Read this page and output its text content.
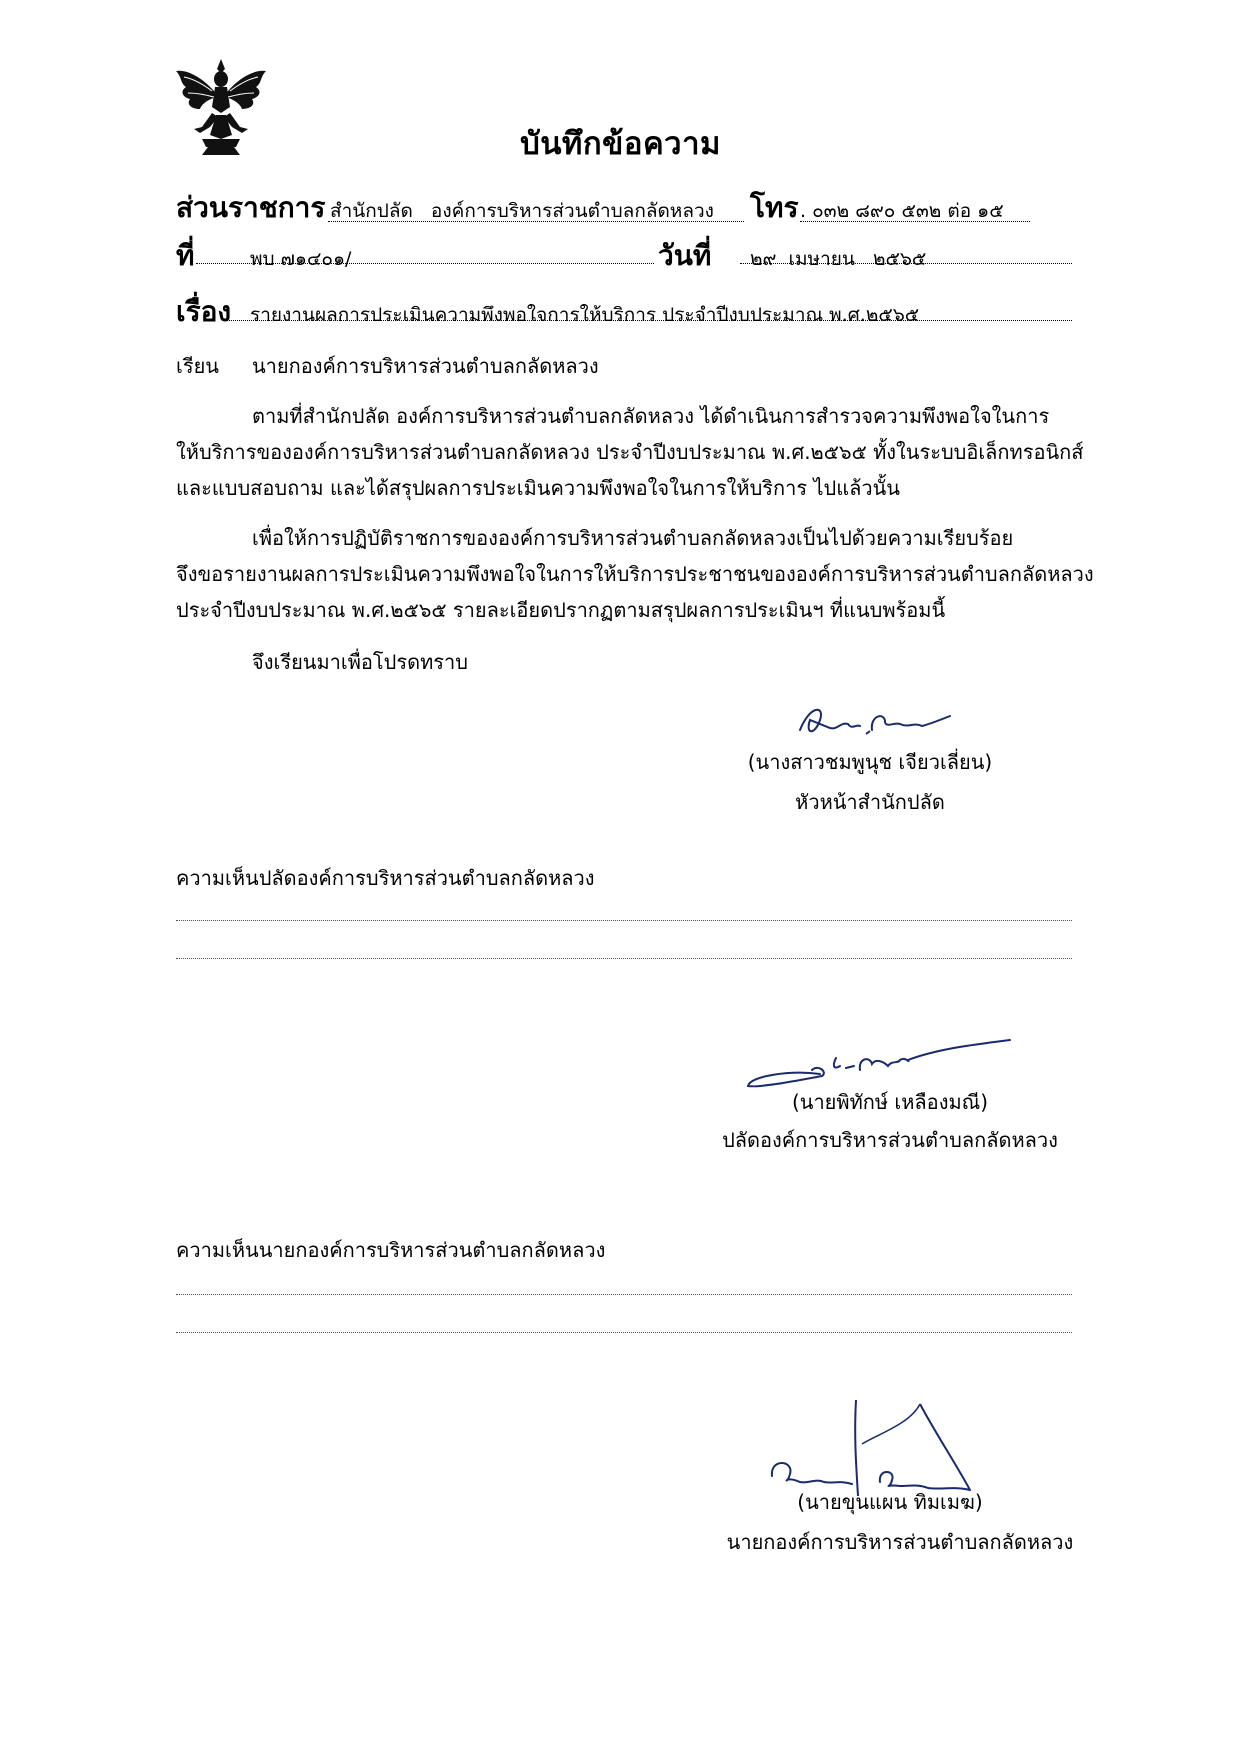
บันทึกข้อความ
ส่วนราชการ สำนักปลัด   องค์การบริหารส่วนตำบลกลัดหลวง โทร . ๐๓๒ ๘๙๐ ๕๓๒ ต่อ ๑๕
ที่	พบ ๗๑๔๐๑/	วันที่ ๒๙  เมษายน   ๒๕๖๕
เรื่อง รายงานผลการประเมินความพึงพอใจการให้บริการ ประจำปีงบประมาณ พ.ศ.๒๕๖๕
เรียน นายกองค์การบริหารส่วนตำบลกลัดหลวง
ตามที่สำนักปลัด องค์การบริหารส่วนตำบลกลัดหลวง ได้ดำเนินการสำรวจความพึงพอใจในการ
ให้บริการขององค์การบริหารส่วนตำบลกลัดหลวง ประจำปีงบประมาณ พ.ศ.๒๕๖๕ ทั้งในระบบอิเล็กทรอนิกส์
และแบบสอบถาม และได้สรุปผลการประเมินความพึงพอใจในการให้บริการ ไปแล้วนั้น
เพื่อให้การปฏิบัติราชการขององค์การบริหารส่วนตำบลกลัดหลวงเป็นไปด้วยความเรียบร้อย
จึงขอรายงานผลการประเมินความพึงพอใจในการให้บริการประชาชนขององค์การบริหารส่วนตำบลกลัดหลวง
ประจำปีงบประมาณ พ.ศ.๒๕๖๕ รายละเอียดปรากฏตามสรุปผลการประเมินฯ ที่แนบพร้อมนี้
จึงเรียนมาเพื่อโปรดทราบ
(นางสาวชมพูนุช เจียวเลี่ยน)
หัวหน้าสำนักปลัด
ความเห็นปลัดองค์การบริหารส่วนตำบลกลัดหลวง
(นายพิทักษ์ เหลืองมณี)
ปลัดองค์การบริหารส่วนตำบลกลัดหลวง
ความเห็นนายกองค์การบริหารส่วนตำบลกลัดหลวง
(นายขุนแผน ทิมเมฆ)
นายกองค์การบริหารส่วนตำบลกลัดหลวง
